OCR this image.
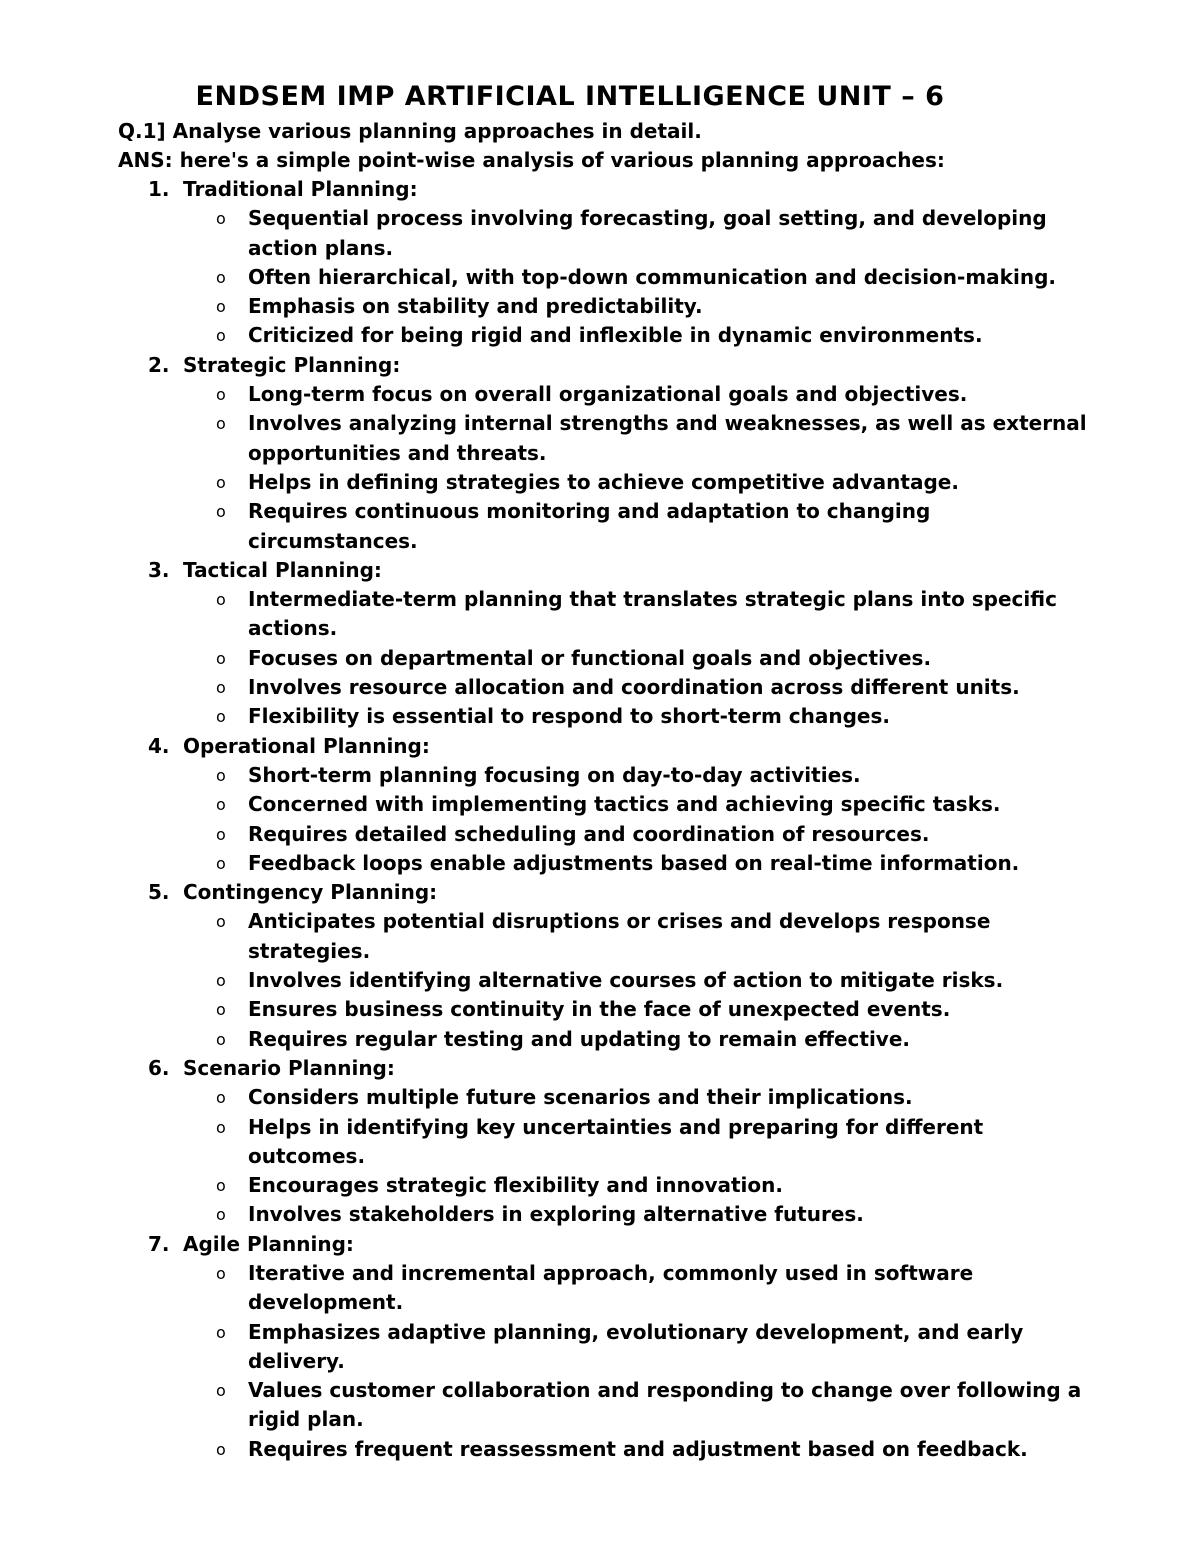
ENDSEM IMP ARTIFICIAL INTELLIGENCE UNIT – 6
Q.1] Analyse various planning approaches in detail.
ANS: here's a simple point-wise analysis of various planning approaches:
1. Traditional Planning:
o	Sequential process involving forecasting, goal setting, and developing action plans.
o	Often hierarchical, with top-down communication and decision-making.
o	Emphasis on stability and predictability.
o	Criticized for being rigid and inflexible in dynamic environments.
2. Strategic Planning:
o	Long-term focus on overall organizational goals and objectives.
o	Involves analyzing internal strengths and weaknesses, as well as external opportunities and threats.
o	Helps in defining strategies to achieve competitive advantage.
o	Requires continuous monitoring and adaptation to changing circumstances.
3. Tactical Planning:
o	Intermediate-term planning that translates strategic plans into specific actions.
o	Focuses on departmental or functional goals and objectives.
o	Involves resource allocation and coordination across different units.
o	Flexibility is essential to respond to short-term changes.
4. Operational Planning:
o	Short-term planning focusing on day-to-day activities.
o	Concerned with implementing tactics and achieving specific tasks.
o	Requires detailed scheduling and coordination of resources.
o	Feedback loops enable adjustments based on real-time information.
5. Contingency Planning:
o	Anticipates potential disruptions or crises and develops response strategies.
o	Involves identifying alternative courses of action to mitigate risks.
o	Ensures business continuity in the face of unexpected events.
o	Requires regular testing and updating to remain effective.
6. Scenario Planning:
o	Considers multiple future scenarios and their implications.
o	Helps in identifying key uncertainties and preparing for different outcomes.
o	Encourages strategic flexibility and innovation.
o	Involves stakeholders in exploring alternative futures.
7. Agile Planning:
o	Iterative and incremental approach, commonly used in software development.
o	Emphasizes adaptive planning, evolutionary development, and early delivery.
o	Values customer collaboration and responding to change over following a rigid plan.
o	Requires frequent reassessment and adjustment based on feedback.
